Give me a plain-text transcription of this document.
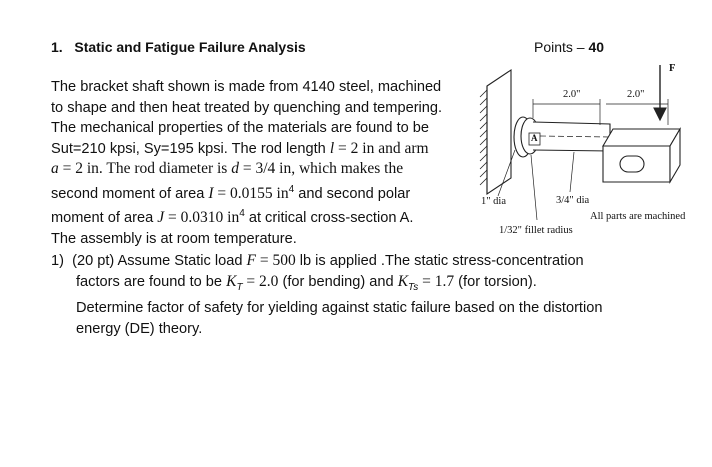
1. Static and Fatigue Failure Analysis	Points – 40
The bracket shaft shown is made from 4140 steel, machined
to shape and then heat treated by quenching and tempering.
The mechanical properties of the materials are found to be
Sut=210 kpsi, Sy=195 kpsi. The rod length l = 2 in and arm
a = 2 in. The rod diameter is d = 3/4 in, which makes the
second moment of area I = 0.0155 $in^4$ and second polar
moment of area J = 0.0310 $in^4$ at critical cross-section A.
The assembly is at room temperature.
2.0"	2.0"
F
A
1" dia	3/4" dia
All parts are machined
1/32" fillet radius
1) (20 pt) Assume Static load F = 500 lb is applied .The static stress-concentration
factors are found to be $K_T = 2.0$ (for bending) and $K_{Ts} = 1.7$ (for torsion).
Determine factor of safety for yielding against static failure based on the distortion
energy (DE) theory.
